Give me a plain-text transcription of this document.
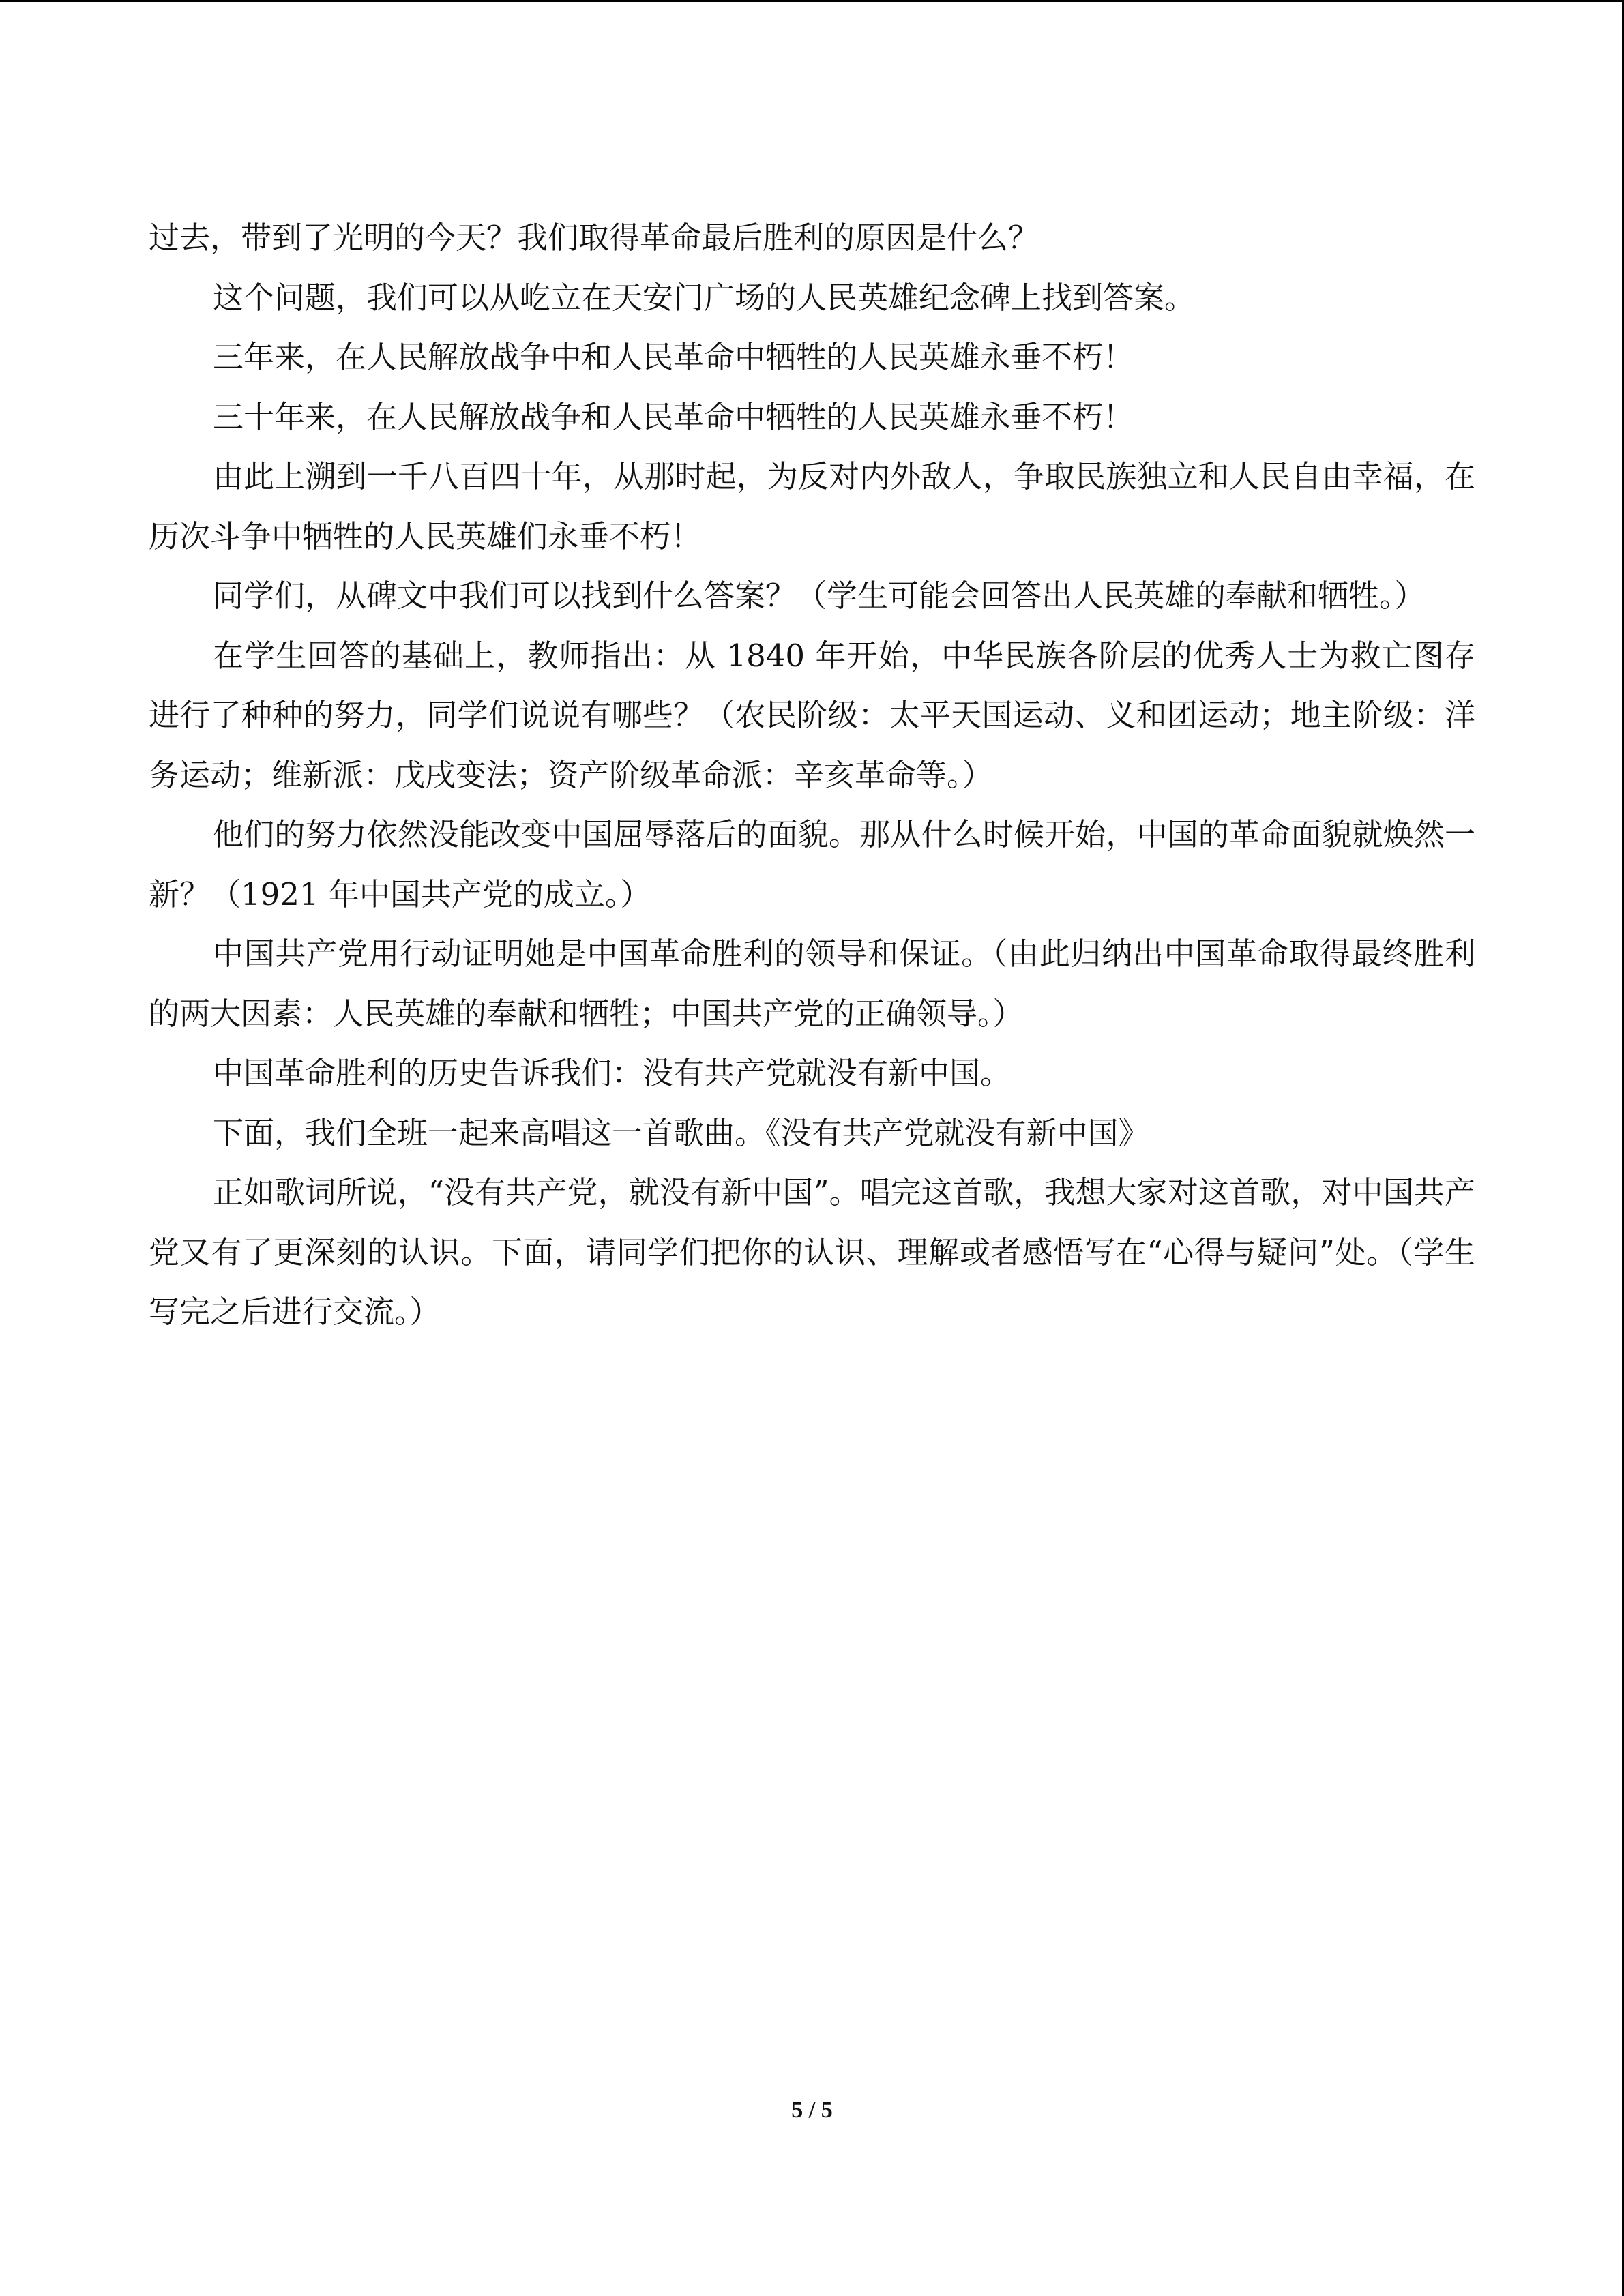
过去，带到了光明的今天？我们取得革命最后胜利的原因是什么？

这个问题，我们可以从屹立在天安门广场的人民英雄纪念碑上找到答案。

三年来，在人民解放战争中和人民革命中牺牲的人民英雄永垂不朽！

三十年来，在人民解放战争和人民革命中牺牲的人民英雄永垂不朽！

由此上溯到一千八百四十年，从那时起，为反对内外敌人，争取民族独立和人民自由幸福，在历次斗争中牺牲的人民英雄们永垂不朽！

同学们，从碑文中我们可以找到什么答案？（学生可能会回答出人民英雄的奉献和牺牲。）

在学生回答的基础上，教师指出：从 1840 年开始，中华民族各阶层的优秀人士为救亡图存进行了种种的努力，同学们说说有哪些？（农民阶级：太平天国运动、义和团运动；地主阶级：洋务运动；维新派：戊戌变法；资产阶级革命派：辛亥革命等。）

他们的努力依然没能改变中国屈辱落后的面貌。那从什么时候开始，中国的革命面貌就焕然一新？（1921 年中国共产党的成立。）

中国共产党用行动证明她是中国革命胜利的领导和保证。（由此归纳出中国革命取得最终胜利的两大因素：人民英雄的奉献和牺牲；中国共产党的正确领导。）

中国革命胜利的历史告诉我们：没有共产党就没有新中国。

下面，我们全班一起来高唱这一首歌曲。《没有共产党就没有新中国》

正如歌词所说，“没有共产党，就没有新中国”。唱完这首歌，我想大家对这首歌，对中国共产党又有了更深刻的认识。下面，请同学们把你的认识、理解或者感悟写在“心得与疑问”处。（学生写完之后进行交流。）

5 / 5
